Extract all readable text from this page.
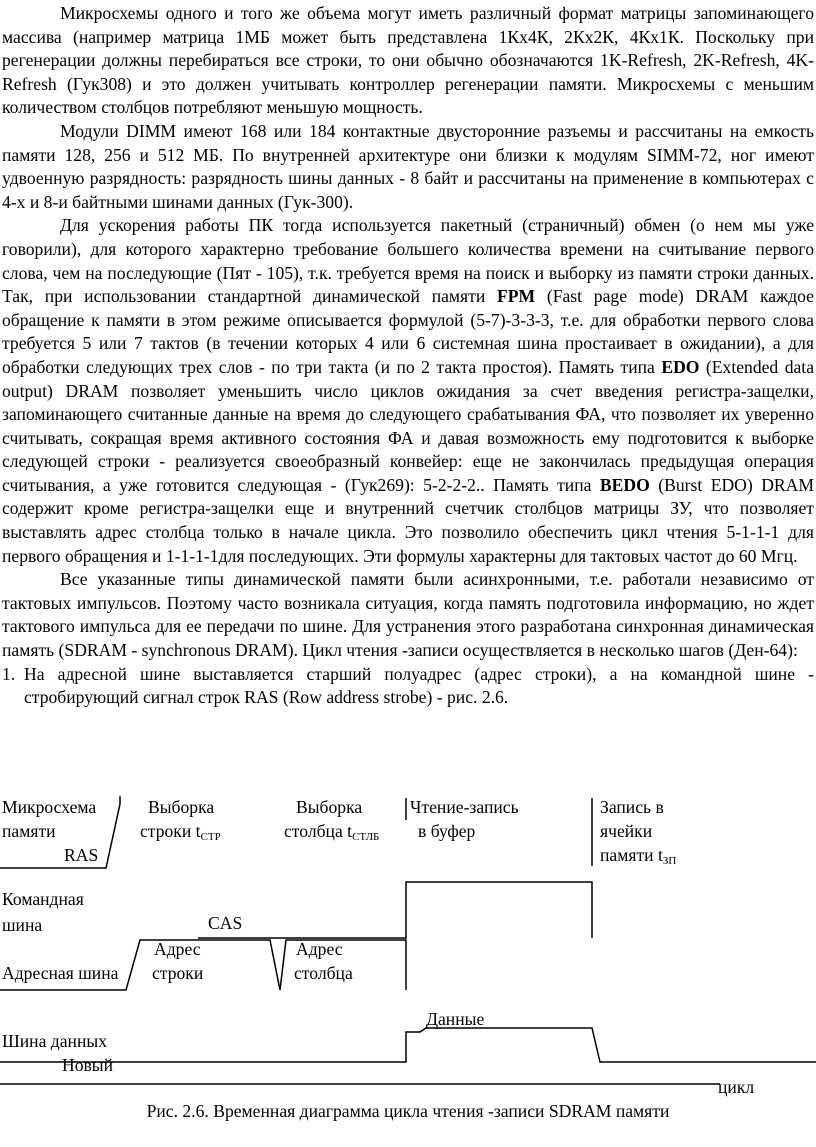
Микросхемы одного и того же объема могут иметь различный формат матрицы запоминающего массива (например матрица 1МБ может быть представлена 1Кх4К, 2Кх2К, 4Кх1К. Поскольку при регенерации должны перебираться все строки, то они обычно обозначаются 1K-Refresh, 2K-Refresh, 4K-Refresh (Гук308) и это должен учитывать контроллер регенерации памяти. Микросхемы с меньшим количеством столбцов потребляют меньшую мощность.

Модули DIMM имеют 168 или 184 контактные двусторонние разъемы и рассчитаны на емкость памяти 128, 256 и 512 МБ. По внутренней архитектуре они близки к модулям SIMM-72, ног имеют удвоенную разрядность: разрядность шины данных - 8 байт и рассчитаны на применение в компьютерах с 4-х и 8-и байтными шинами данных (Гук-300).

Для ускорения работы ПК тогда используется пакетный (страничный) обмен (о нем мы уже говорили), для которого характерно требование большего количества времени на считывание первого слова, чем на последующие (Пят - 105), т.к. требуется время на поиск и выборку из памяти строки данных. Так, при использовании стандартной динамической памяти FPM (Fast page mode) DRAM каждое обращение к памяти в этом режиме описывается формулой (5-7)-3-3-3, т.е. для обработки первого слова требуется 5 или 7 тактов (в течении которых 4 или 6 системная шина простаивает в ожидании), а для обработки следующих трех слов - по три такта (и по 2 такта простоя). Память типа EDO (Extended data output) DRAM позволяет уменьшить число циклов ожидания за счет введения регистра-защелки, запоминающего считанные данные на время до следующего срабатывания ФА, что позволяет их уверенно считывать, сокращая время активного состояния ФА и давая возможность ему подготовится к выборке следующей строки - реализуется своеобразный конвейер: еще не закончилась предыдущая операция считывания, а уже готовится следующая - (Гук269): 5-2-2-2.. Память типа BEDO (Burst EDO) DRAM содержит кроме регистра-защелки еще и внутренний счетчик столбцов матрицы ЗУ, что позволяет выставлять адрес столбца только в начале цикла. Это позволило обеспечить цикл чтения 5-1-1-1 для первого обращения и 1-1-1-1для последующих. Эти формулы характерны для тактовых частот до 60 Мгц.

Все указанные типы динамической памяти были асинхронными, т.е. работали независимо от тактовых импульсов. Поэтому часто возникала ситуация, когда память подготовила информацию, но ждет тактового импульса для ее передачи по шине. Для устранения этого разработана синхронная динамическая память (SDRAM - synchronous DRAM). Цикл чтения -записи осуществляется в несколько шагов (Ден-64):

1. На адресной шине выставляется старший полуадрес (адрес строки), а на командной шине - стробирующий сигнал строк RAS (Row address strobe) - рис. 2.6.
Микросхема
памяти
RAS
Выборка
строки $t_{СТР}$
Выборка
столбца $t_{СТЛБ}$
Чтение-запись
в буфер
Запись в
ячейки
памяти $t_{ЗП}$
Командная
шина	CAS
Адрес
строки
Адрес
столбца
Адресная шина
Данные
Шина данных
Новый
цикл
Рис. 2.6. Временная диаграмма цикла чтения -записи SDRAM памяти
